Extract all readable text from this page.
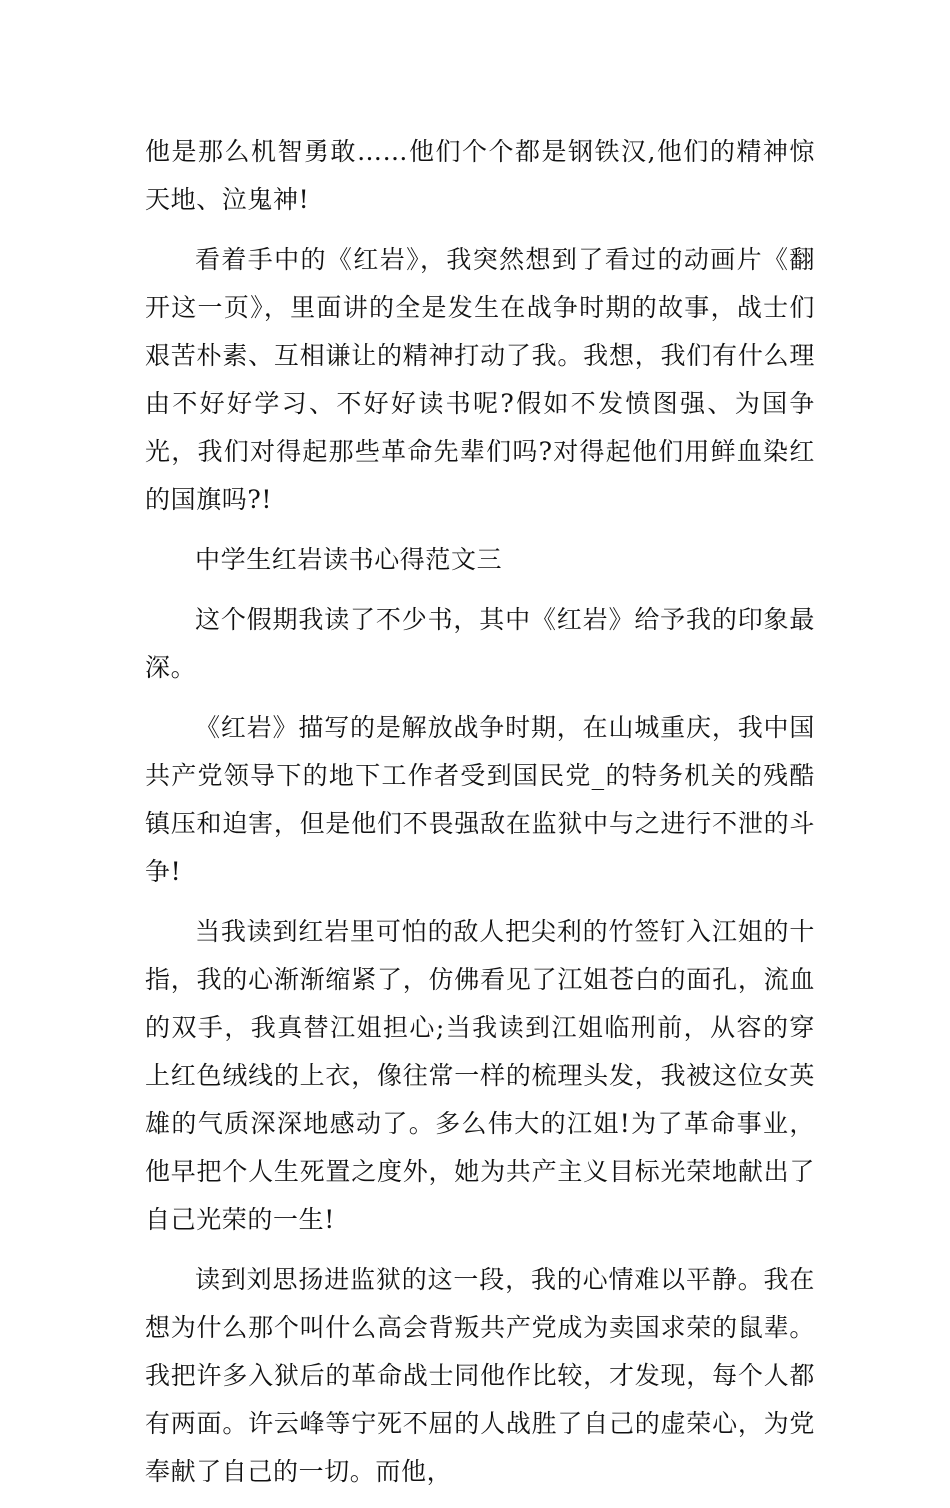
他是那么机智勇敢……他们个个都是钢铁汉,他们的精神惊天地、泣鬼神!

看着手中的《红岩》，我突然想到了看过的动画片《翻开这一页》，里面讲的全是发生在战争时期的故事，战士们艰苦朴素、互相谦让的精神打动了我。我想，我们有什么理由不好好学习、不好好读书呢?假如不发愤图强、为国争光，我们对得起那些革命先辈们吗?对得起他们用鲜血染红的国旗吗?!

中学生红岩读书心得范文三

这个假期我读了不少书，其中《红岩》给予我的印象最深。

《红岩》描写的是解放战争时期，在山城重庆，我中国共产党领导下的地下工作者受到国民党_的特务机关的残酷镇压和迫害，但是他们不畏强敌在监狱中与之进行不泄的斗争!

当我读到红岩里可怕的敌人把尖利的竹签钉入江姐的十指，我的心渐渐缩紧了，仿佛看见了江姐苍白的面孔，流血的双手，我真替江姐担心;当我读到江姐临刑前，从容的穿上红色绒线的上衣，像往常一样的梳理头发，我被这位女英雄的气质深深地感动了。多么伟大的江姐!为了革命事业，他早把个人生死置之度外，她为共产主义目标光荣地献出了自己光荣的一生!

读到刘思扬进监狱的这一段，我的心情难以平静。我在想为什么那个叫什么高会背叛共产党成为卖国求荣的鼠辈。我把许多入狱后的革命战士同他作比较，才发现，每个人都有两面。许云峰等宁死不屈的人战胜了自己的虚荣心，为党奉献了自己的一切。而他，
